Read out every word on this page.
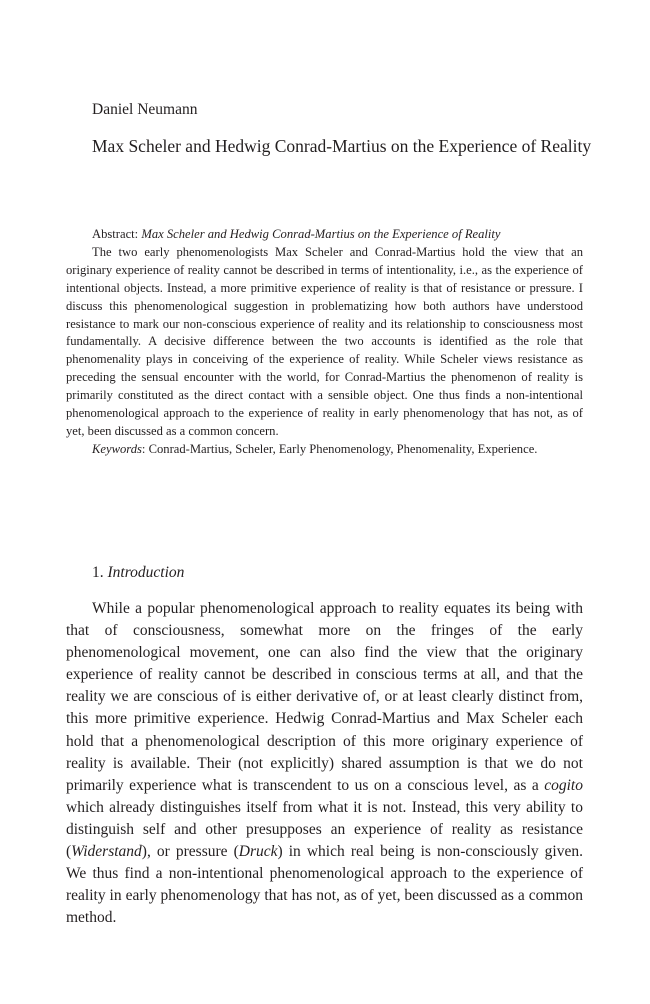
Daniel Neumann
Max Scheler and Hedwig Conrad-Martius on the Experience of Reality

Abstract: Max Scheler and Hedwig Conrad-Martius on the Experience of Reality

The two early phenomenologists Max Scheler and Conrad-Martius hold the view that an originary experience of reality cannot be described in terms of intentionality, i.e., as the experience of intentional objects. Instead, a more primitive experience of reality is that of resistance or pressure. I discuss this phenomenological suggestion in problematizing how both authors have understood resistance to mark our non-conscious experience of reality and its relationship to consciousness most fundamentally. A decisive difference between the two accounts is identified as the role that phenomenality plays in conceiving of the experience of reality. While Scheler views resistance as preceding the sensual encounter with the world, for Conrad-Martius the phenomenon of reality is primarily constituted as the direct contact with a sensible object. One thus finds a non-intentional phenomenological approach to the experience of reality in early phenomenology that has not, as of yet, been discussed as a common concern.

Keywords: Conrad-Martius, Scheler, Early Phenomenology, Phenomenality, Experience.

1. Introduction

While a popular phenomenological approach to reality equates its being with that of consciousness, somewhat more on the fringes of the early phenomenological movement, one can also find the view that the originary experience of reality cannot be described in conscious terms at all, and that the reality we are conscious of is either derivative of, or at least clearly distinct from, this more primitive experience. Hedwig Conrad-Martius and Max Scheler each hold that a phenomenological description of this more originary experience of reality is available. Their (not explicitly) shared assumption is that we do not primarily experience what is transcendent to us on a conscious level, as a cogito which already distinguishes itself from what it is not. Instead, this very ability to distinguish self and other presupposes an experience of reality as resistance (Widerstand), or pressure (Druck) in which real being is non-consciously given. We thus find a non-intentional phenomenological approach to the experience of reality in early phenomenology that has not, as of yet, been discussed as a common method.
